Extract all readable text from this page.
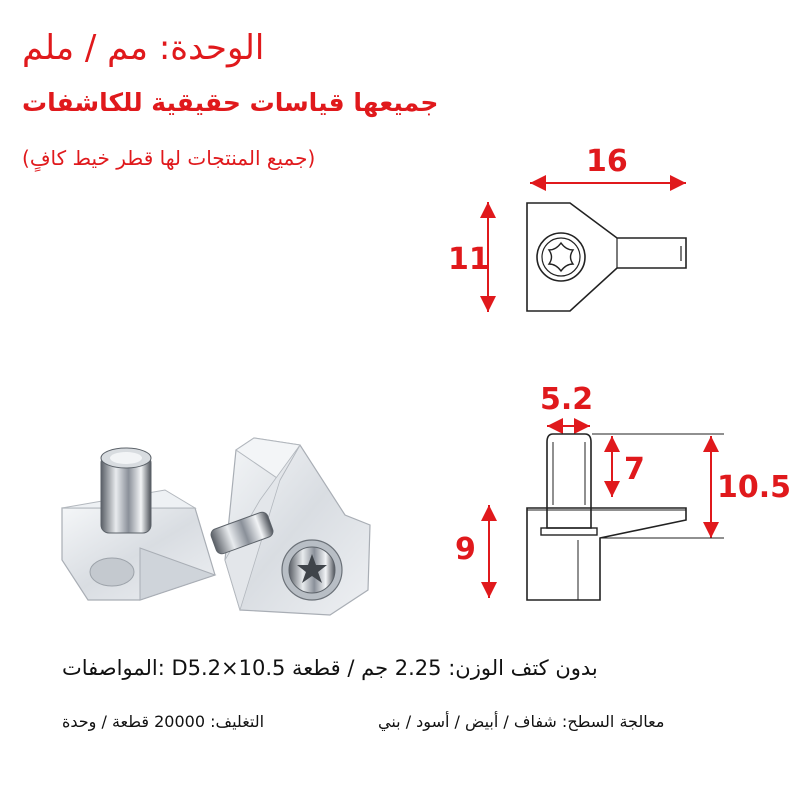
الوحدة: مم / ملم
جميعها قياسات حقيقية للكاشفات
(جميع المنتجات لها قطر خيط كافٍ)	16
11
5.2
7
10.5
9
المواصفات: D5.2×10.5 بدون كتف الوزن: 2.25 جم / قطعة
التغليف: 20000 قطعة / وحدة	معالجة السطح: شفاف / أبيض / أسود / بني
